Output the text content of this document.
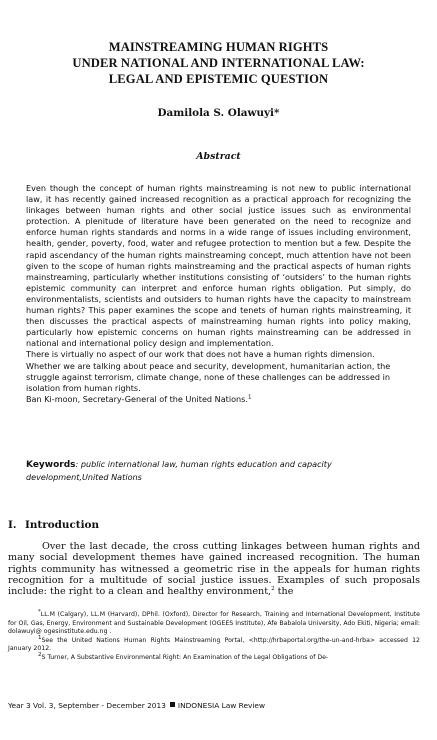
MAINSTREAMING HUMAN RIGHTS
UNDER NATIONAL AND INTERNATIONAL LAW:
LEGAL AND EPISTEMIC QUESTION
Damilola S. Olawuyi*
Abstract

Even though the concept of human rights mainstreaming is not new to public international law, it has recently gained increased recognition as a practical approach for recognizing the linkages between human rights and other social justice issues such as environmental protection. A plenitude of literature have been generated on the need to recognize and enforce human rights standards and norms in a wide range of issues including environment, health, gender, poverty, food, water and refugee protection to mention but a few. Despite the rapid ascendancy of the human rights mainstreaming concept, much attention have not been given to the scope of human rights mainstreaming and the practical aspects of human rights mainstreaming, particularly whether institutions consisting of ‘outsiders’ to the human rights epistemic community can interpret and enforce human rights obligation. Put simply, do environmentalists, scientists and outsiders to human rights have the capacity to mainstream human rights? This paper examines the scope and tenets of human rights mainstreaming, it then discusses the practical aspects of mainstreaming human rights into policy making, particularly how epistemic concerns on human rights mainstreaming can be addressed in national and international policy design and implementation.

There is virtually no aspect of our work that does not have a human rights dimension. Whether we are talking about peace and security, development, humanitarian action, the struggle against terrorism, climate change, none of these challenges can be addressed in isolation from human rights.

Ban Ki-moon, Secretary-General of the United Nations.$^1$

Keywords: public international law, human rights education and capacity development,United Nations
I. Introduction

Over the last decade, the cross cutting linkages between human rights and many social development themes have gained increased recognition. The human rights community has witnessed a geometric rise in the appeals for human rights recognition for a multitude of social justice issues. Examples of such proposals include: the right to a clean and healthy environment,$^2$ the

*LL.M (Calgary), LL.M (Harvard), DPhil. (Oxford), Director for Research, Training and International Development, Institute for Oil, Gas, Energy, Environment and Sustainable Development (OGEES Institute), Afe Babalola University, Ado Ekiti, Nigeria; email: dolawuyi@ ogesinstitute.edu.ng .

$^1$See the United Nations Human Rights Mainstreaming Portal, <http://hrbaportal.org/the-un-and-hrba> accessed 12 January 2012.

$^2$S Turner, A Substantive Environmental Right: An Examination of the Legal Obligations of De-

Year 3 Vol. 3, September - December 2013 INDONESIA Law Review
